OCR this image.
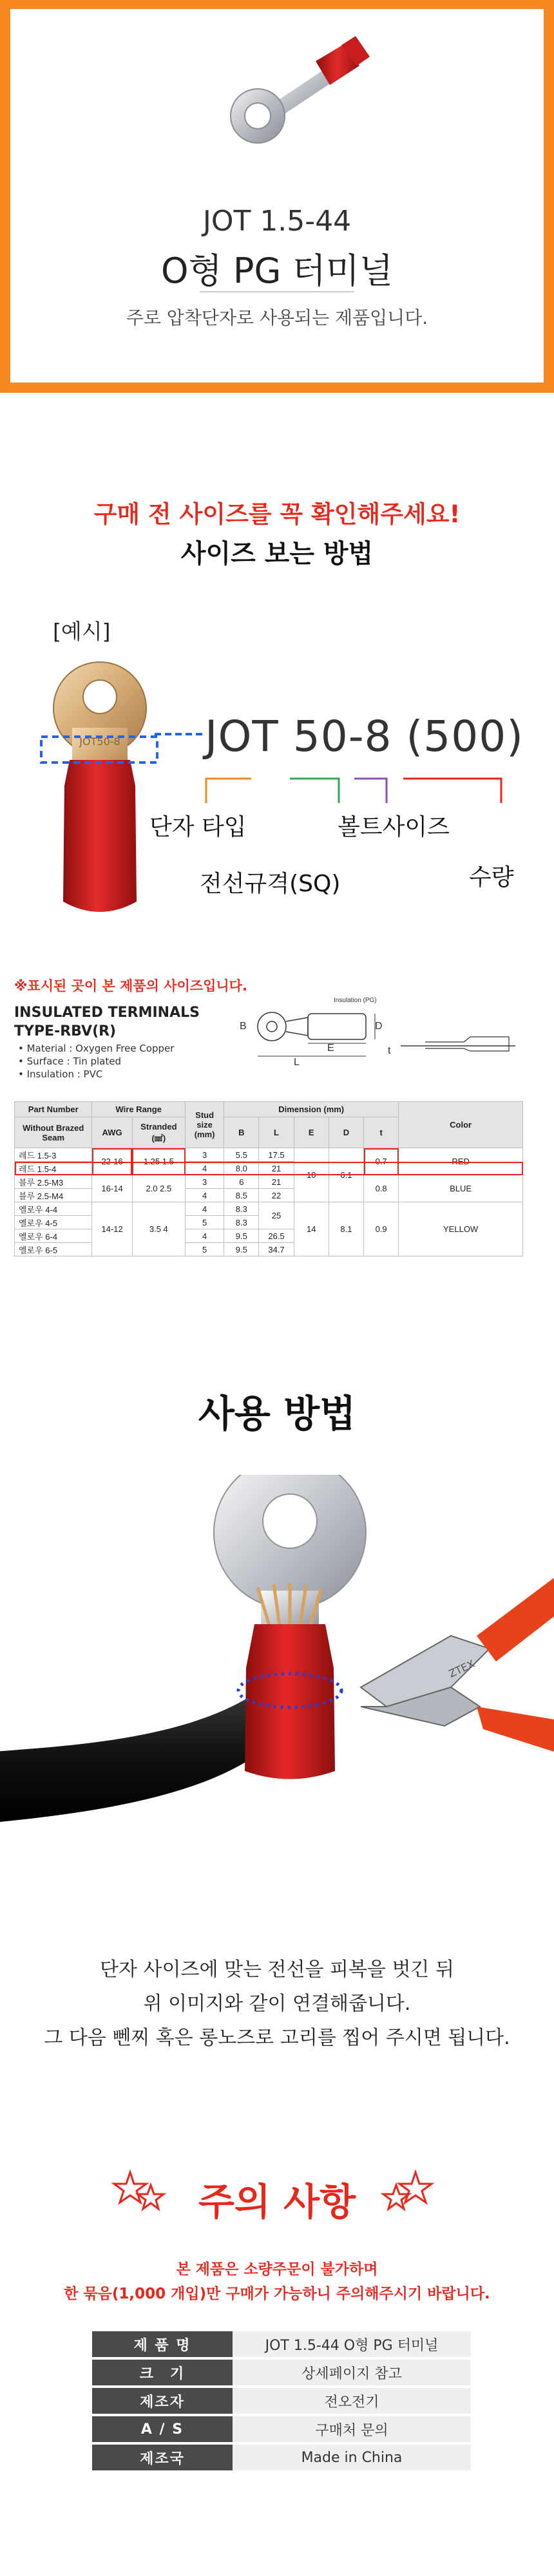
JOT 1.5-44
O형 PG 터미널
주로 압착단자로 사용되는 제품입니다.
구매 전 사이즈를 꼭 확인해주세요!
사이즈 보는 방법
[예시]
JOT50-8 JOT 50-8 (500)
단자 타입
전선규격(SQ)
볼트사이즈
수량
※표시된 곳이 본 제품의 사이즈입니다.
INSULATED TERMINALS
TYPE-RBV(R)
• Material : Oxygen Free Copper
• Surface : Tin plated
• Insulation : PVC
Insulation (PG)
B	D
L
E	t
Part Number	Wire Range		Stud size (mm)	Dimension (mm)					Color
Without Brazed Seam	AWG	Stranded (㎟)		B	L	E	D	t	
레드 1.5-3	22-16	1.25 1.5	3	5.5	17.5	10	6.1	0.7	RED
레드 1.5-4			4	8.0	21				
블루 2.5-M3	16-14	2.0 2.5	3	6	21			0.8	BLUE
블루 2.5-M4			4	8.5	22				
옐로우 4-4	14-12	3.5 4	4	8.3	25	14	8.1	0.9	YELLOW
옐로우 4-5			5	8.3					
옐로우 6-4			4	9.5	26.5				
옐로우 6-5			5	9.5	34.7				
사용 방법
ZTEX
단자 사이즈에 맞는 전선을 피복을 벗긴 뒤
위 이미지와 같이 연결해줍니다.
그 다음 뻰찌 혹은 롱노즈로 고리를 찝어 주시면 됩니다.
주의 사항
본 제품은 소량주문이 불가하며
한 묶음(1,000 개입)만 구매가 가능하니 주의해주시기 바랍니다.
제 품 명	JOT 1.5-44 O형 PG 터미널
크　기	상세페이지 참고
제조자	전오전기
A / S	구매처 문의
제조국	Made in China
